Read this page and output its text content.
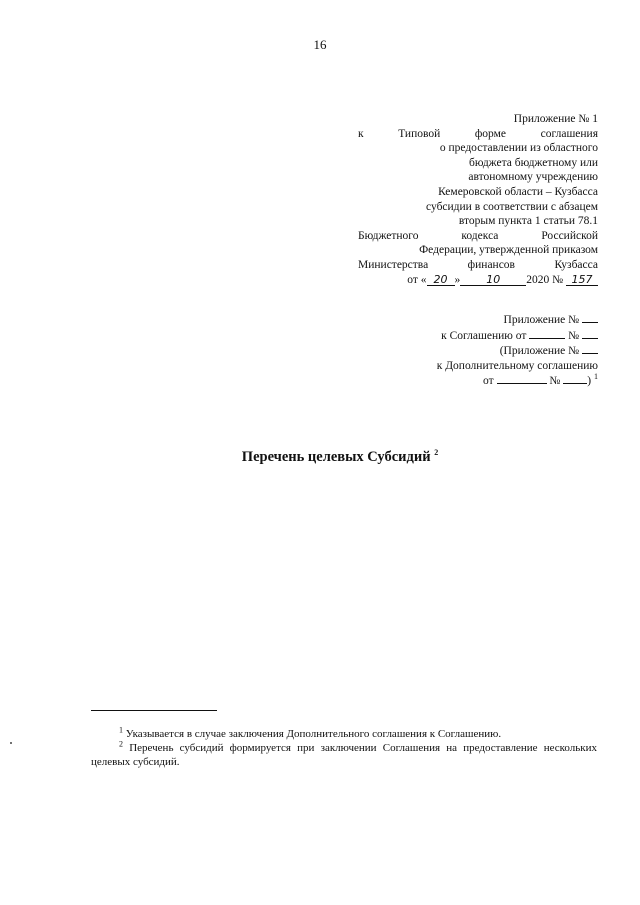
16
Приложение № 1
к Типовой форме соглашения
о предоставлении из областного
бюджета бюджетному или
автономному учреждению
Кемеровской области – Кузбасса
субсидии в соответствии с абзацем
вторым пункта 1 статьи 78.1
Бюджетного кодекса Российской
Федерации, утвержденной приказом
Министерства финансов Кузбасса
от « 20 » 10 2020 № 157
Приложение №
к Соглашению от	№
(Приложение №
к Дополнительному соглашению
от	№ ) $^1$
Перечень целевых Субсидий $^2$
$^1$ Указывается в случае заключения Дополнительного соглашения к Соглашению.
$^2$ Перечень субсидий формируется при заключении Соглашения на предоставление нескольких целевых субсидий.
